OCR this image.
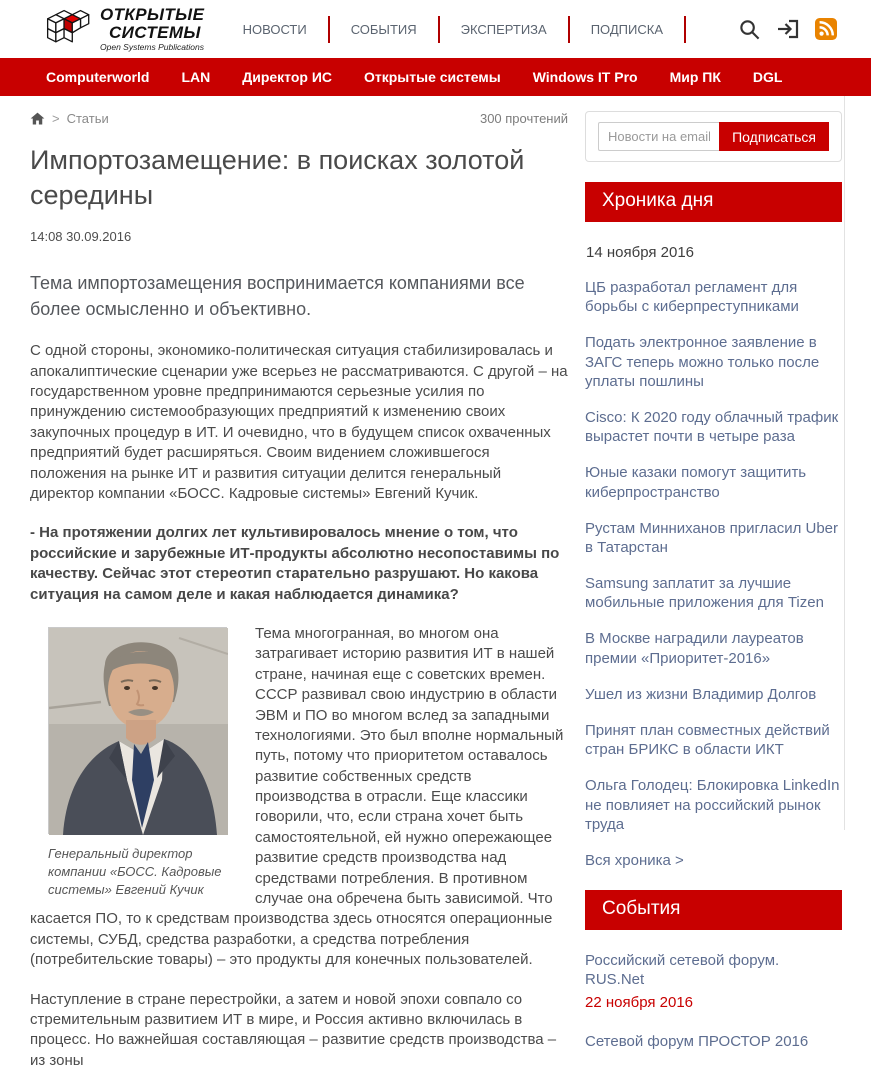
ОТКРЫТЫЕ
СИСТЕМЫ
Open Systems Publications
НОВОСТИ	СОБЫТИЯ	ЭКСПЕРТИЗА	ПОДПИСКА
Computerworld	LAN	Директор ИС	Открытые системы	Windows IT Pro	Мир ПК	DGL
> Статьи	300 прочтений
Импортозамещение: в поисках золотой середины
14:08 30.09.2016

Тема импортозамещения воспринимается компаниями все более осмысленно и объективно.

С одной стороны, экономико-политическая ситуация стабилизировалась и апокалиптические сценарии уже всерьез не рассматриваются. С другой – на государственном уровне предпринимаются серьезные усилия по принуждению системообразующих предприятий к изменению своих закупочных процедур в ИТ. И очевидно, что в будущем список охваченных предприятий будет расширяться. Своим видением сложившегося положения на рынке ИТ и развития ситуации делится генеральный директор компании «БОСС. Кадровые системы» Евгений Кучик.

- На протяжении долгих лет культивировалось мнение о том, что российские и зарубежные ИТ-продукты абсолютно несопоставимы по качеству. Сейчас этот стереотип старательно разрушают. Но какова ситуация на самом деле и какая наблюдается динамика?

Генеральный директор компании «БОСС. Кадровые системы» Евгений Кучик

Тема многогранная, во многом она затрагивает историю развития ИТ в нашей стране, начиная еще с советских времен. СССР развивал свою индустрию в области ЭВМ и ПО во многом вслед за западными технологиями. Это был вполне нормальный путь, потому что приоритетом оставалось развитие собственных средств производства в отрасли. Еще классики говорили, что, если страна хочет быть самостоятельной, ей нужно опережающее развитие средств производства над средствами потребления. В противном случае она обречена быть зависимой. Что касается ПО, то к средствам производства здесь относятся операционные системы, СУБД, средства разработки, а средства потребления (потребительские товары) – это продукты для конечных пользователей.

Наступление в стране перестройки, а затем и новой эпохи совпало со стремительным развитием ИТ в мире, и Россия активно включилась в процесс. Но важнейшая составляющая – развитие средств производства – из зоны

Новости на email
Подписаться
Хроника дня
14 ноября 2016
ЦБ разработал регламент для борьбы с киберпреступниками
Подать электронное заявление в ЗАГС теперь можно только после уплаты пошлины
Cisco: К 2020 году облачный трафик вырастет почти в четыре раза
Юные казаки помогут защитить киберпространство
Рустам Минниханов пригласил Uber в Татарстан
Samsung заплатит за лучшие мобильные приложения для Tizen
В Москве наградили лауреатов премии «Приоритет-2016»
Ушел из жизни Владимир Долгов
Принят план совместных действий стран БРИКС в области ИКТ
Ольга Голодец: Блокировка LinkedIn не повлияет на российский рынок труда
Вся хроника >
События
Российский сетевой форум. RUS.Net
22 ноября 2016
Сетевой форум ПРОСТОР 2016
